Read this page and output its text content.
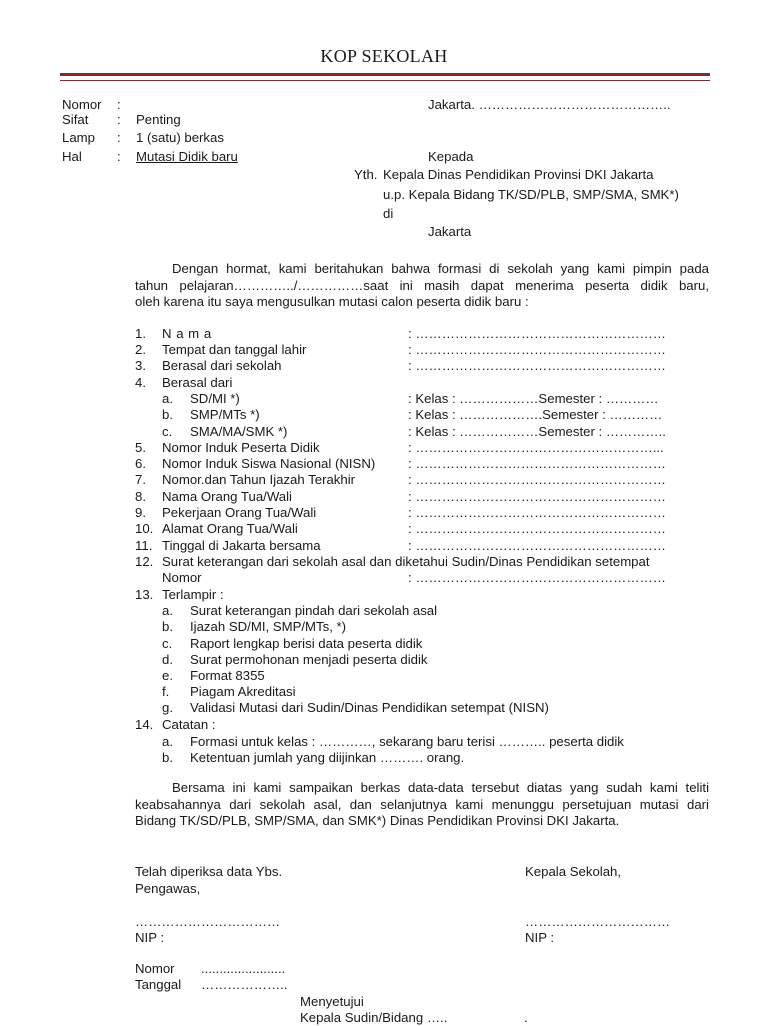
KOP SEKOLAH
Nomor :
Sifat : Penting
Lamp : 1 (satu) berkas
Hal	: Mutasi Didik baru
Jakarta. ……………………………………..
Kepada
Yth. Kepala Dinas Pendidikan Provinsi DKI Jakarta
u.p. Kepala Bidang TK/SD/PLB, SMP/SMA, SMK*)
di
Jakarta
Dengan hormat, kami beritahukan bahwa formasi di sekolah yang kami pimpin pada
tahun pelajaran…………../……………saat ini masih dapat menerima peserta didik baru,
oleh karena itu saya mengusulkan mutasi calon peserta didik baru :
1. N a m a	: …………………………………………………
2. Tempat dan tanggal lahir	: …………………………………………………
3. Berasal dari sekolah	: …………………………………………………
4. Berasal dari
a. SD/MI *)	: Kelas : ………………Semester : …………
b. SMP/MTs *)	: Kelas : ……………….Semester : …………
c. SMA/MA/SMK *)	: Kelas : ………………Semester : …………..
5. Nomor Induk Peserta Didik	: ………………………………………………...
6. Nomor Induk Siswa Nasional (NISN) : …………………………………………………
7. Nomor.dan Tahun Ijazah Terakhir	: …………………………………………………
8. Nama Orang Tua/Wali	: …………………………………………………
9. Pekerjaan Orang Tua/Wali	: …………………………………………………
10. Alamat Orang Tua/Wali	: …………………………………………………
11. Tinggal di Jakarta bersama	: …………………………………………………
12. Surat keterangan dari sekolah asal dan diketahui Sudin/Dinas Pendidikan setempat
Nomor	: …………………………………………………
13. Terlampir :
a. Surat keterangan pindah dari sekolah asal
b. Ijazah SD/MI, SMP/MTs, *)
c. Raport lengkap berisi data peserta didik
d. Surat permohonan menjadi peserta didik
e. Format 8355
f. Piagam Akreditasi
g. Validasi Mutasi dari Sudin/Dinas Pendidikan setempat (NISN)
14. Catatan :
a. Formasi untuk kelas : …………, sekarang baru terisi ……….. peserta didik
b. Ketentuan jumlah yang diijinkan ………. orang.
Bersama ini kami sampaikan berkas data-data tersebut diatas yang sudah kami teliti
keabsahannya dari sekolah asal, dan selanjutnya kami menunggu persetujuan mutasi dari
Bidang TK/SD/PLB, SMP/SMA, dan SMK*) Dinas Pendidikan Provinsi DKI Jakarta.
Telah diperiksa data Ybs.
Pengawas,
Kepala Sekolah,
……………………………	……………………………
NIP :	NIP :
Nomor .......................
Tanggal ………………..
Menyetujui
Kepala Sudin/Bidang …..	.
